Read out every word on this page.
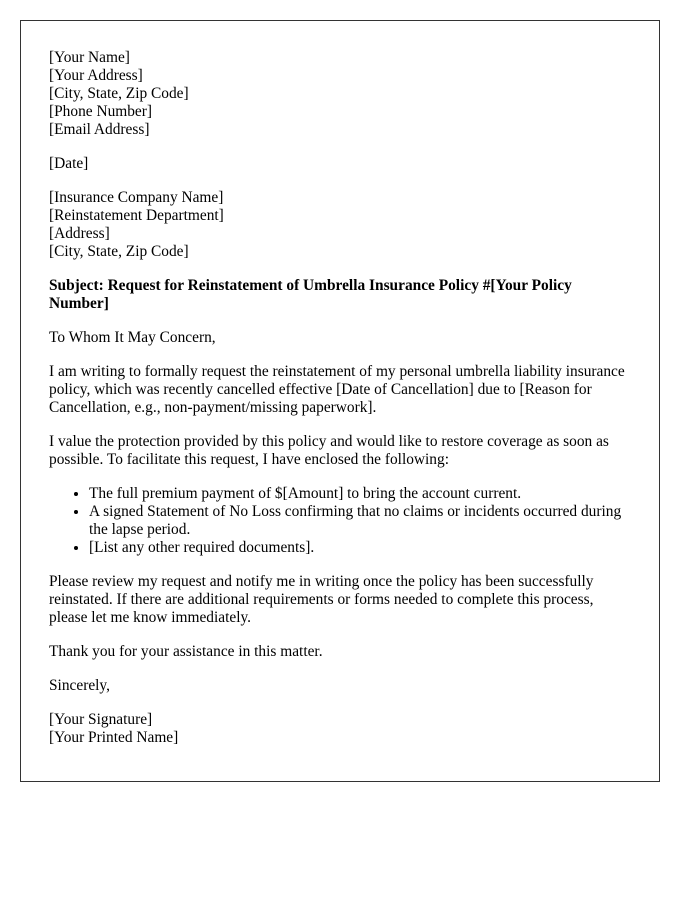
[Your Name]
[Your Address]
[City, State, Zip Code]
[Phone Number]
[Email Address]
[Date]
[Insurance Company Name]
[Reinstatement Department]
[Address]
[City, State, Zip Code]
Subject: Request for Reinstatement of Umbrella Insurance Policy #[Your Policy Number]

To Whom It May Concern,

I am writing to formally request the reinstatement of my personal umbrella liability insurance policy, which was recently cancelled effective [Date of Cancellation] due to [Reason for Cancellation, e.g., non-payment/missing paperwork].

I value the protection provided by this policy and would like to restore coverage as soon as possible. To facilitate this request, I have enclosed the following:

• The full premium payment of $[Amount] to bring the account current.
• A signed Statement of No Loss confirming that no claims or incidents occurred during the lapse period.
• [List any other required documents].

Please review my request and notify me in writing once the policy has been successfully reinstated. If there are additional requirements or forms needed to complete this process, please let me know immediately.

Thank you for your assistance in this matter.

Sincerely,

[Your Signature]
[Your Printed Name]
